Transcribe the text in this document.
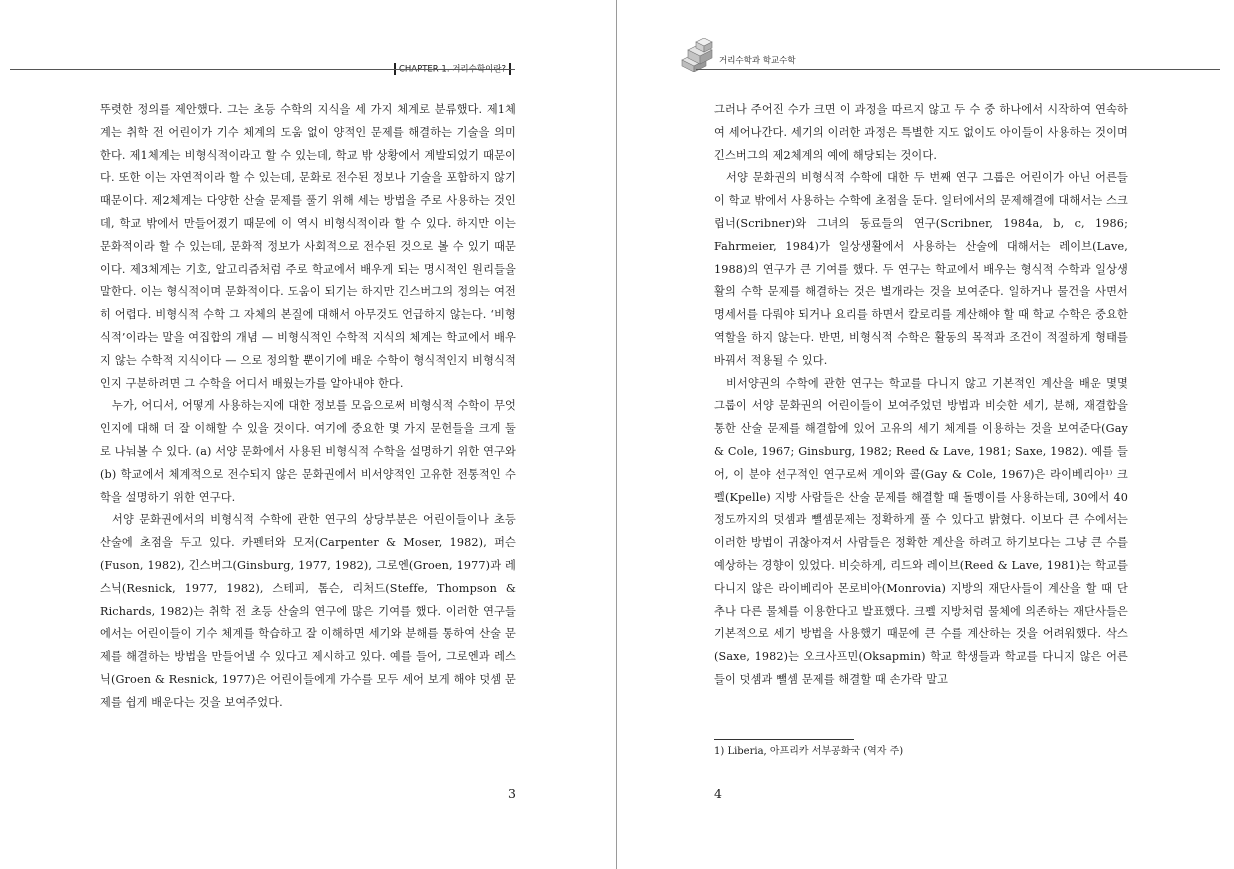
뚜렷한 정의를 제안했다. 그는 초등 수학의 지식을 세 가지 체계로 분류했다. 제1체계는 취학 전 어린이가 기수 체계의 도움 없이 양적인 문제를 해결하는 기술을 의미한다. 제1체계는 비형식적이라고 할 수 있는데, 학교 밖 상황에서 계발되었기 때문이다. 또한 이는 자연적이라 할 수 있는데, 문화로 전수된 정보나 기술을 포함하지 않기 때문이다. 제2체계는 다양한 산술 문제를 풀기 위해 세는 방법을 주로 사용하는 것인데, 학교 밖에서 만들어졌기 때문에 이 역시 비형식적이라 할 수 있다. 하지만 이는 문화적이라 할 수 있는데, 문화적 정보가 사회적으로 전수된 것으로 볼 수 있기 때문이다. 제3체계는 기호, 알고리즘처럼 주로 학교에서 배우게 되는 명시적인 원리들을 말한다. 이는 형식적이며 문화적이다. 도움이 되기는 하지만 긴스버그의 정의는 여전히 어렵다. 비형식적 수학 그 자체의 본질에 대해서 아무것도 언급하지 않는다. ‘비형식적’이라는 말을 여집합의 개념 — 비형식적인 수학적 지식의 체계는 학교에서 배우지 않는 수학적 지식이다 — 으로 정의할 뿐이기에 배운 수학이 형식적인지 비형식적인지 구분하려면 그 수학을 어디서 배웠는가를 알아내야 한다.

누가, 어디서, 어떻게 사용하는지에 대한 정보를 모음으로써 비형식적 수학이 무엇인지에 대해 더 잘 이해할 수 있을 것이다. 여기에 중요한 몇 가지 문헌들을 크게 둘로 나눠볼 수 있다. (a) 서양 문화에서 사용된 비형식적 수학을 설명하기 위한 연구와 (b) 학교에서 체계적으로 전수되지 않은 문화권에서 비서양적인 고유한 전통적인 수학을 설명하기 위한 연구다.

서양 문화권에서의 비형식적 수학에 관한 연구의 상당부분은 어린이들이나 초등 산술에 초점을 두고 있다. 카펜터와 모저(Carpenter & Moser, 1982), 퍼슨(Fuson, 1982), 긴스버그(Ginsburg, 1977, 1982), 그로엔(Groen, 1977)과 레스닉(Resnick, 1977, 1982), 스테피, 톰슨, 리처드(Steffe, Thompson & Richards, 1982)는 취학 전 초등 산술의 연구에 많은 기여를 했다. 이러한 연구들에서는 어린이들이 기수 체계를 학습하고 잘 이해하면 세기와 분해를 통하여 산술 문제를 해결하는 방법을 만들어낼 수 있다고 제시하고 있다. 예를 들어, 그로엔과 레스닉(Groen & Resnick, 1977)은 어린이들에게 가수를 모두 세어 보게 해야 덧셈 문제를 쉽게 배운다는 것을 보여주었다.

3
거리수학과 학교수학

그러나 주어진 수가 크면 이 과정을 따르지 않고 두 수 중 하나에서 시작하여 연속하여 세어나간다. 세기의 이러한 과정은 특별한 지도 없이도 아이들이 사용하는 것이며 긴스버그의 제2체계의 예에 해당되는 것이다.

서양 문화권의 비형식적 수학에 대한 두 번째 연구 그룹은 어린이가 아닌 어른들이 학교 밖에서 사용하는 수학에 초점을 둔다. 일터에서의 문제해결에 대해서는 스크립너(Scribner)와 그녀의 동료들의 연구(Scribner, 1984a, b, c, 1986; Fahrmeier, 1984)가 일상생활에서 사용하는 산술에 대해서는 레이브(Lave, 1988)의 연구가 큰 기여를 했다. 두 연구는 학교에서 배우는 형식적 수학과 일상생활의 수학 문제를 해결하는 것은 별개라는 것을 보여준다. 일하거나 물건을 사면서 명세서를 다뤄야 되거나 요리를 하면서 칼로리를 계산해야 할 때 학교 수학은 중요한 역할을 하지 않는다. 반면, 비형식적 수학은 활동의 목적과 조건이 적절하게 형태를 바꿔서 적용될 수 있다.

비서양권의 수학에 관한 연구는 학교를 다니지 않고 기본적인 계산을 배운 몇몇 그룹이 서양 문화권의 어린이들이 보여주었던 방법과 비슷한 세기, 분해, 재결합을 통한 산술 문제를 해결함에 있어 고유의 세기 체계를 이용하는 것을 보여준다(Gay & Cole, 1967; Ginsburg, 1982; Reed & Lave, 1981; Saxe, 1982). 예를 들어, 이 분야 선구적인 연구로써 게이와 콜(Gay & Cole, 1967)은 라이베리아¹⁾ 크펠(Kpelle) 지방 사람들은 산술 문제를 해결할 때 돌멩이를 사용하는데, 30에서 40 정도까지의 덧셈과 뺄셈문제는 정확하게 풀 수 있다고 밝혔다. 이보다 큰 수에서는 이러한 방법이 귀찮아져서 사람들은 정확한 계산을 하려고 하기보다는 그냥 큰 수를 예상하는 경향이 있었다. 비슷하게, 리드와 레이브(Reed & Lave, 1981)는 학교를 다니지 않은 라이베리아 몬로비아(Monrovia) 지방의 재단사들이 계산을 할 때 단추나 다른 물체를 이용한다고 발표했다. 크펠 지방처럼 물체에 의존하는 재단사들은 기본적으로 세기 방법을 사용했기 때문에 큰 수를 계산하는 것을 어려워했다. 삭스(Saxe, 1982)는 오크사프민(Oksapmin) 학교 학생들과 학교를 다니지 않은 어른들이 덧셈과 뺄셈 문제를 해결할 때 손가락 말고

1) Liberia, 아프리카 서부공화국 (역자 주)
4
